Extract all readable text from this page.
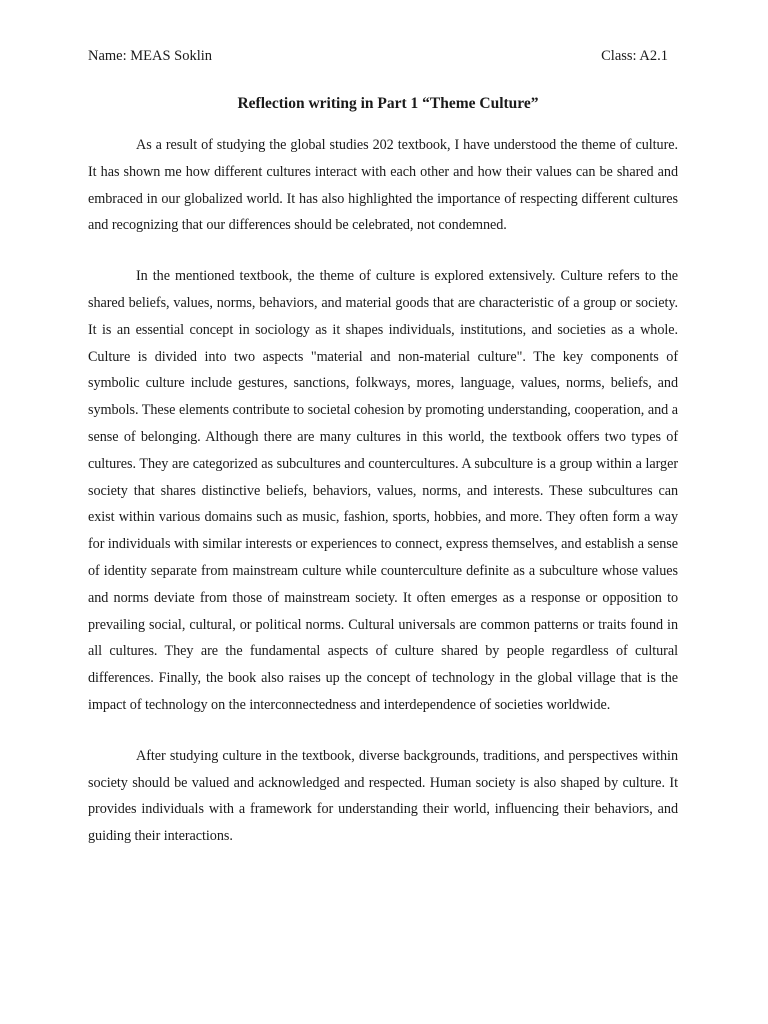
Name: MEAS Soklin	Class: A2.1
Reflection writing in Part 1 “Theme Culture”

As a result of studying the global studies 202 textbook, I have understood the theme of culture. It has shown me how different cultures interact with each other and how their values can be shared and embraced in our globalized world. It has also highlighted the importance of respecting different cultures and recognizing that our differences should be celebrated, not condemned.

In the mentioned textbook, the theme of culture is explored extensively. Culture refers to the shared beliefs, values, norms, behaviors, and material goods that are characteristic of a group or society. It is an essential concept in sociology as it shapes individuals, institutions, and societies as a whole. Culture is divided into two aspects "material and non-material culture". The key components of symbolic culture include gestures, sanctions, folkways, mores, language, values, norms, beliefs, and symbols. These elements contribute to societal cohesion by promoting understanding, cooperation, and a sense of belonging. Although there are many cultures in this world, the textbook offers two types of cultures. They are categorized as subcultures and countercultures. A subculture is a group within a larger society that shares distinctive beliefs, behaviors, values, norms, and interests. These subcultures can exist within various domains such as music, fashion, sports, hobbies, and more. They often form a way for individuals with similar interests or experiences to connect, express themselves, and establish a sense of identity separate from mainstream culture while counterculture definite as a subculture whose values and norms deviate from those of mainstream society. It often emerges as a response or opposition to prevailing social, cultural, or political norms. Cultural universals are common patterns or traits found in all cultures. They are the fundamental aspects of culture shared by people regardless of cultural differences. Finally, the book also raises up the concept of technology in the global village that is the impact of technology on the interconnectedness and interdependence of societies worldwide.

After studying culture in the textbook, diverse backgrounds, traditions, and perspectives within society should be valued and acknowledged and respected. Human society is also shaped by culture. It provides individuals with a framework for understanding their world, influencing their behaviors, and guiding their interactions.
